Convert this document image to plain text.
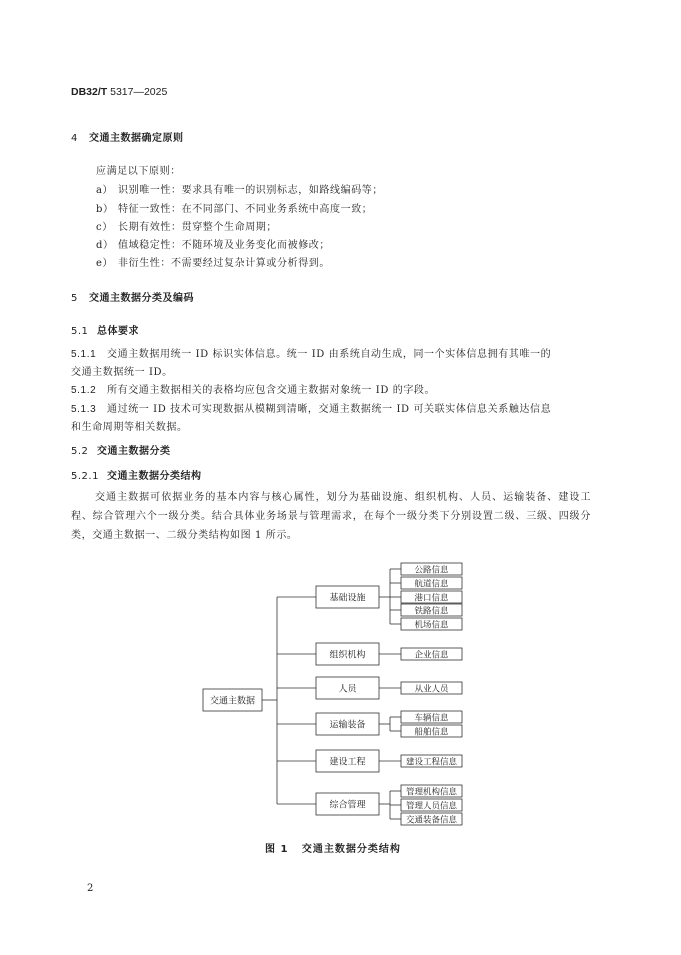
DB32/T 5317—2025
4 交通主数据确定原则
应满足以下原则：
a） 识别唯一性：要求具有唯一的识别标志，如路线编码等；
b） 特征一致性：在不同部门、不同业务系统中高度一致；
c） 长期有效性：贯穿整个生命周期；
d） 值域稳定性：不随环境及业务变化而被修改；
e） 非衍生性：不需要经过复杂计算或分析得到。
5 交通主数据分类及编码
5.1 总体要求
5.1.1 交通主数据用统一 ID 标识实体信息。统一 ID 由系统自动生成，同一个实体信息拥有其唯一的
交通主数据统一 ID。
5.1.2 所有交通主数据相关的表格均应包含交通主数据对象统一 ID 的字段。
5.1.3 通过统一 ID 技术可实现数据从模糊到清晰，交通主数据统一 ID 可关联实体信息关系触达信息
和生命周期等相关数据。
5.2 交通主数据分类
5.2.1 交通主数据分类结构
交通主数据可依据业务的基本内容与核心属性，划分为基础设施、组织机构、人员、运输装备、建设工程、综合管理六个一级分类。结合具体业务场景与管理需求，在每个一级分类下分别设置二级、三级、四级分类，交通主数据一、二级分类结构如图 1 所示。
交通主数据
基础设施
组织机构
人员
运输装备
建设工程
综合管理
公路信息
航道信息
港口信息
铁路信息
机场信息
企业信息
从业人员
车辆信息
船舶信息
建设工程信息
管理机构信息
管理人员信息
交通装备信息
图 1 交通主数据分类结构
2
